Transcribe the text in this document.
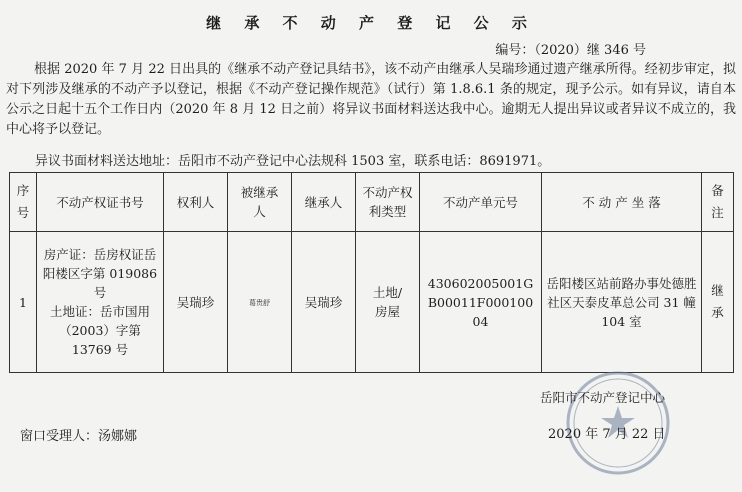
继 承 不 动 产 登 记 公 示
编号：（2020）继 346 号
根据 2020 年 7 月 22 日出具的《继承不动产登记具结书》，该不动产由继承人吴瑞珍通过遗产继承所得。经初步审定，拟对下列涉及继承的不动产予以登记，根据《不动产登记操作规范》（试行）第 1.8.6.1 条的规定，现予公示。如有异议，请自本公示之日起十五个工作日内（2020 年 8 月 12 日之前）将异议书面材料送达我中心。逾期无人提出异议或者异议不成立的，我中心将予以登记。
异议书面材料送达地址：岳阳市不动产登记中心法规科 1503 室，联系电话：8691971。
序号	不动产权证书号	权利人	被继承人	继承人	不动产权利类型	不动产单元号	不 动 产 坐 落	备注

1	房产证：岳房权证岳阳楼区字第 019086 号
土地证：岳市国用（2003）字第 13769 号	吴瑞珍	葛贵舒	吴瑞珍	土地/房屋	430602005001GB00011F00010004	岳阳楼区站前路办事处德胜社区天泰皮革总公司 31 幢 104 室	继承
岳阳市不动产登记中心
窗口受理人：汤娜娜	2020 年 7 月 22 日
